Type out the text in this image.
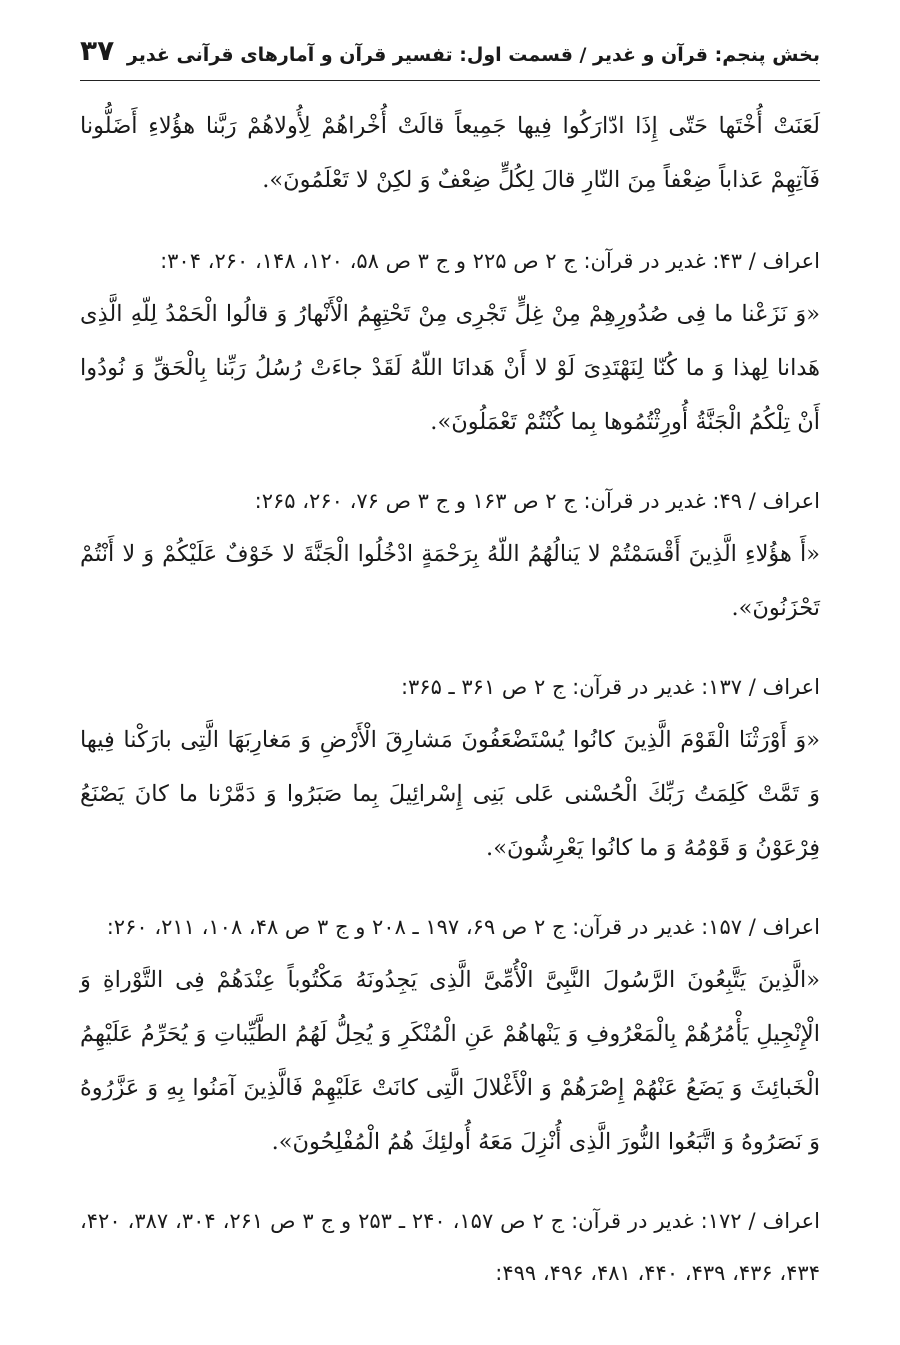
بخش پنجم: قرآن و غدیر / قسمت اول: تفسیر قرآن و آمارهای قرآنی غدیر
۳۷

لَعَنَتْ أُخْتَها حَتّى إِذَا ادّارَكُوا فِيها جَمِيعاً قالَتْ أُخْراهُمْ لِأُولاهُمْ رَبَّنا هؤُلاءِ أَضَلُّونا فَآتِهِمْ عَذاباً ضِعْفاً مِنَ النّارِ قالَ لِكُلٍّ ضِعْفٌ وَ لكِنْ لا تَعْلَمُونَ».

اعراف / ۴۳: غدیر در قرآن: ج ۲ ص ۲۲۵ و ج ۳ ص ۵۸، ۱۲۰، ۱۴۸، ۲۶۰، ۳۰۴:

«وَ نَزَعْنا ما فِى صُدُورِهِمْ مِنْ غِلٍّ تَجْرِى مِنْ تَحْتِهِمُ الْأَنْهارُ وَ قالُوا الْحَمْدُ لِلّهِ الَّذِى هَدانا لِهذا وَ ما كُنّا لِنَهْتَدِىَ لَوْ لا أَنْ هَدانَا اللّهُ لَقَدْ جاءَتْ رُسُلُ رَبِّنا بِالْحَقِّ وَ نُودُوا أَنْ تِلْكُمُ الْجَنَّةُ أُورِثْتُمُوها بِما كُنْتُمْ تَعْمَلُونَ».

اعراف / ۴۹: غدیر در قرآن: ج ۲ ص ۱۶۳ و ج ۳ ص ۷۶، ۲۶۰، ۲۶۵:

«أَ هؤُلاءِ الَّذِينَ أَقْسَمْتُمْ لا يَنالُهُمُ اللّهُ بِرَحْمَةٍ ادْخُلُوا الْجَنَّةَ لا خَوْفٌ عَلَيْكُمْ وَ لا أَنْتُمْ تَحْزَنُونَ».

اعراف / ۱۳۷: غدیر در قرآن: ج ۲ ص ۳۶۱ ـ ۳۶۵:

«وَ أَوْرَثْنَا الْقَوْمَ الَّذِينَ كانُوا يُسْتَضْعَفُونَ مَشارِقَ الْأَرْضِ وَ مَغارِبَهَا الَّتِى بارَكْنا فِيها وَ تَمَّتْ كَلِمَتُ رَبِّكَ الْحُسْنى عَلى بَنِى إِسْرائِيلَ بِما صَبَرُوا وَ دَمَّرْنا ما كانَ يَصْنَعُ فِرْعَوْنُ وَ قَوْمُهُ وَ ما كانُوا يَعْرِشُونَ».

اعراف / ۱۵۷: غدیر در قرآن: ج ۲ ص ۶۹، ۱۹۷ ـ ۲۰۸ و ج ۳ ص ۴۸، ۱۰۸، ۲۱۱، ۲۶۰:

«الَّذِينَ يَتَّبِعُونَ الرَّسُولَ النَّبِىَّ الْأُمِّىَّ الَّذِى يَجِدُونَهُ مَكْتُوباً عِنْدَهُمْ فِى التَّوْراةِ وَ الْإِنْجِيلِ يَأْمُرُهُمْ بِالْمَعْرُوفِ وَ يَنْهاهُمْ عَنِ الْمُنْكَرِ وَ يُحِلُّ لَهُمُ الطَّيِّباتِ وَ يُحَرِّمُ عَلَيْهِمُ الْخَبائِثَ وَ يَضَعُ عَنْهُمْ إِصْرَهُمْ وَ الْأَغْلالَ الَّتِى كانَتْ عَلَيْهِمْ فَالَّذِينَ آمَنُوا بِهِ وَ عَزَّرُوهُ وَ نَصَرُوهُ وَ اتَّبَعُوا النُّورَ الَّذِى أُنْزِلَ مَعَهُ أُولئِكَ هُمُ الْمُفْلِحُونَ».

اعراف / ۱۷۲: غدیر در قرآن: ج ۲ ص ۱۵۷، ۲۴۰ ـ ۲۵۳ و ج ۳ ص ۲۶۱، ۳۰۴، ۳۸۷، ۴۲۰، ۴۳۴، ۴۳۶، ۴۳۹، ۴۴۰، ۴۸۱، ۴۹۶، ۴۹۹:
